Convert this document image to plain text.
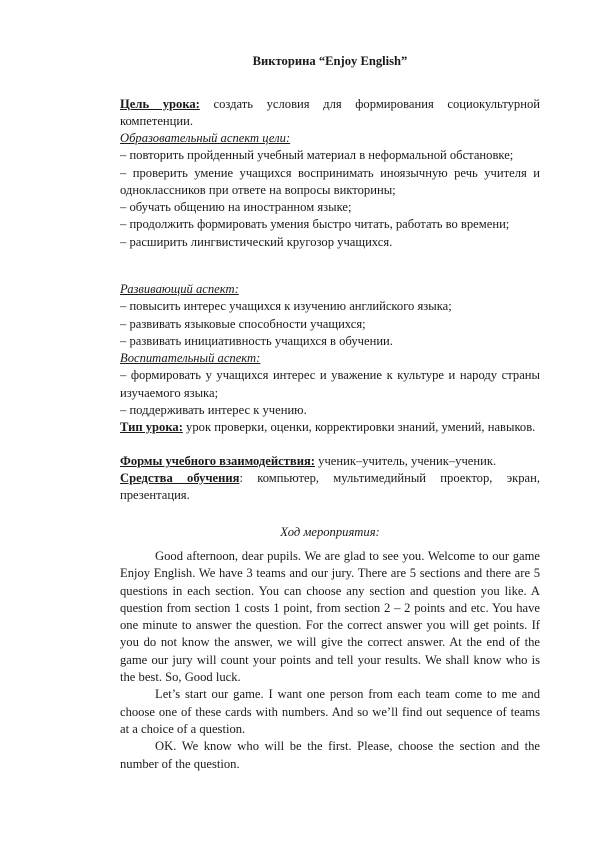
Викторина “Enjoy English”

Цель урока: создать условия для формирования социокультурной компетенции.

Образовательный аспект цели:

– повторить пройденный учебный материал в неформальной обстановке;

– проверить умение учащихся воспринимать иноязычную речь учителя и одноклассников при ответе на вопросы викторины;

– обучать общению на иностранном языке;

– продолжить формировать умения быстро читать, работать во времени;

– расширить лингвистический кругозор учащихся.

Развивающий аспект:

– повысить интерес учащихся к изучению английского языка;

– развивать языковые способности учащихся;

– развивать инициативность учащихся в обучении.

Воспитательный аспект:

– формировать у учащихся интерес и уважение к культуре и народу страны изучаемого языка;

– поддерживать интерес к учению.

Тип урока: урок проверки, оценки, корректировки знаний, умений, навыков.

Формы учебного взаимодействия: ученик–учитель, ученик–ученик.

Средства обучения: компьютер, мультимедийный проектор, экран, презентация.

Ход мероприятия:

Good afternoon, dear pupils. We are glad to see you. Welcome to our game Enjoy English. We have 3 teams and our jury. There are 5 sections and there are 5 questions in each section. You can choose any section and question you like. A question from section 1 costs 1 point, from section 2 – 2 points and etc. You have one minute to answer the question. For the correct answer you will get points. If you do not know the answer, we will give the correct answer. At the end of the game our jury will count your points and tell your results. We shall know who is the best. So, Good luck.

Let’s start our game. I want one person from each team come to me and choose one of these cards with numbers. And so we’ll find out sequence of teams at a choice of a question.

OK. We know who will be the first. Please, choose the section and the number of the question.
